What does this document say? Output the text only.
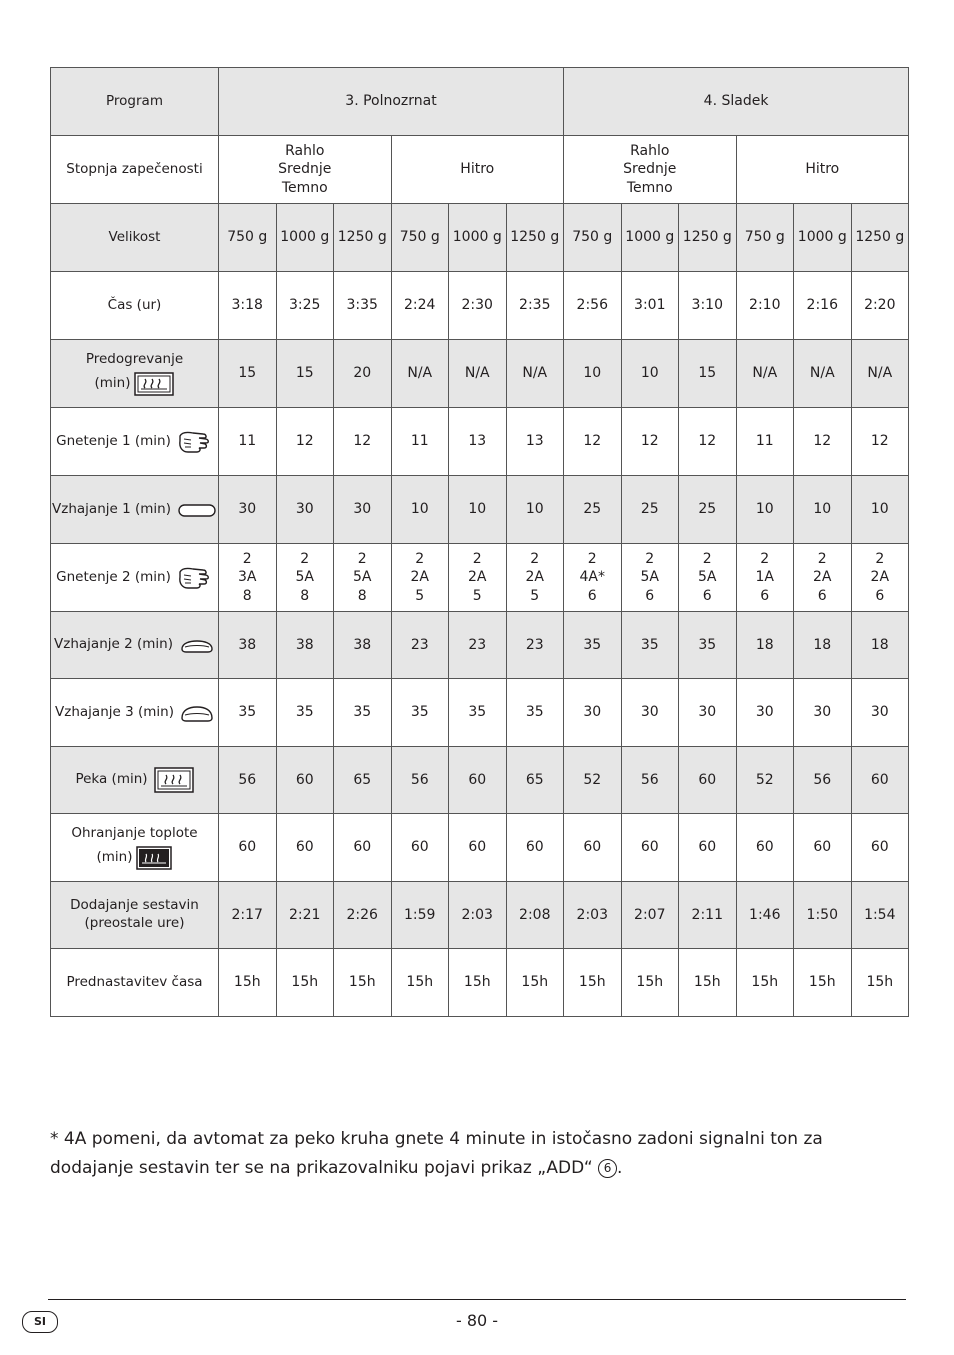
Program	3. Polnozrnat						4. Sladek					
Stopnja zapečenosti	Rahlo
Srednje
Temno			Hitro			Rahlo
Srednje
Temno			Hitro		
Velikost	750 g	1000 g	1250 g	750 g	1000 g	1250 g	750 g	1000 g	1250 g	750 g	1000 g	1250 g
Čas (ur)	3:18	3:25	3:35	2:24	2:30	2:35	2:56	3:01	3:10	2:10	2:16	2:20

Predogrevanje
(min)	15	15	20	N/A	N/A	N/A	10	10	15	N/A	N/A	N/A

Gnetenje 1 (min)	11	12	12	11	13	13	12	12	12	11	12	12

Vzhajanje 1 (min)	30	30	30	10	10	10	25	25	25	10	10	10

Gnetenje 2 (min)	2
3A
8	2
5A
8	2
5A
8	2
2A
5	2
2A
5	2
2A
5	2
4A*
6	2
5A
6	2
5A
6	2
1A
6	2
2A
6	2
2A
6

Vzhajanje 2 (min)	38	38	38	23	23	23	35	35	35	18	18	18

Vzhajanje 3 (min)	35	35	35	35	35	35	30	30	30	30	30	30

Peka (min)	56	60	65	56	60	65	52	56	60	52	56	60

Ohranjanje toplote
(min)	60	60	60	60	60	60	60	60	60	60	60	60
Dodajanje sestavin
(preostale ure)	2:17	2:21	2:26	1:59	2:03	2:08	2:03	2:07	2:11	1:46	1:50	1:54
Prednastavitev časa	15h	15h	15h	15h	15h	15h	15h	15h	15h	15h	15h	15h
* 4A pomeni, da avtomat za peko kruha gnete 4 minute in istočasno zadoni signalni ton za dodajanje sestavin ter se na prikazovalniku pojavi prikaz „ADD“ 6 .
SI	- 80 -
